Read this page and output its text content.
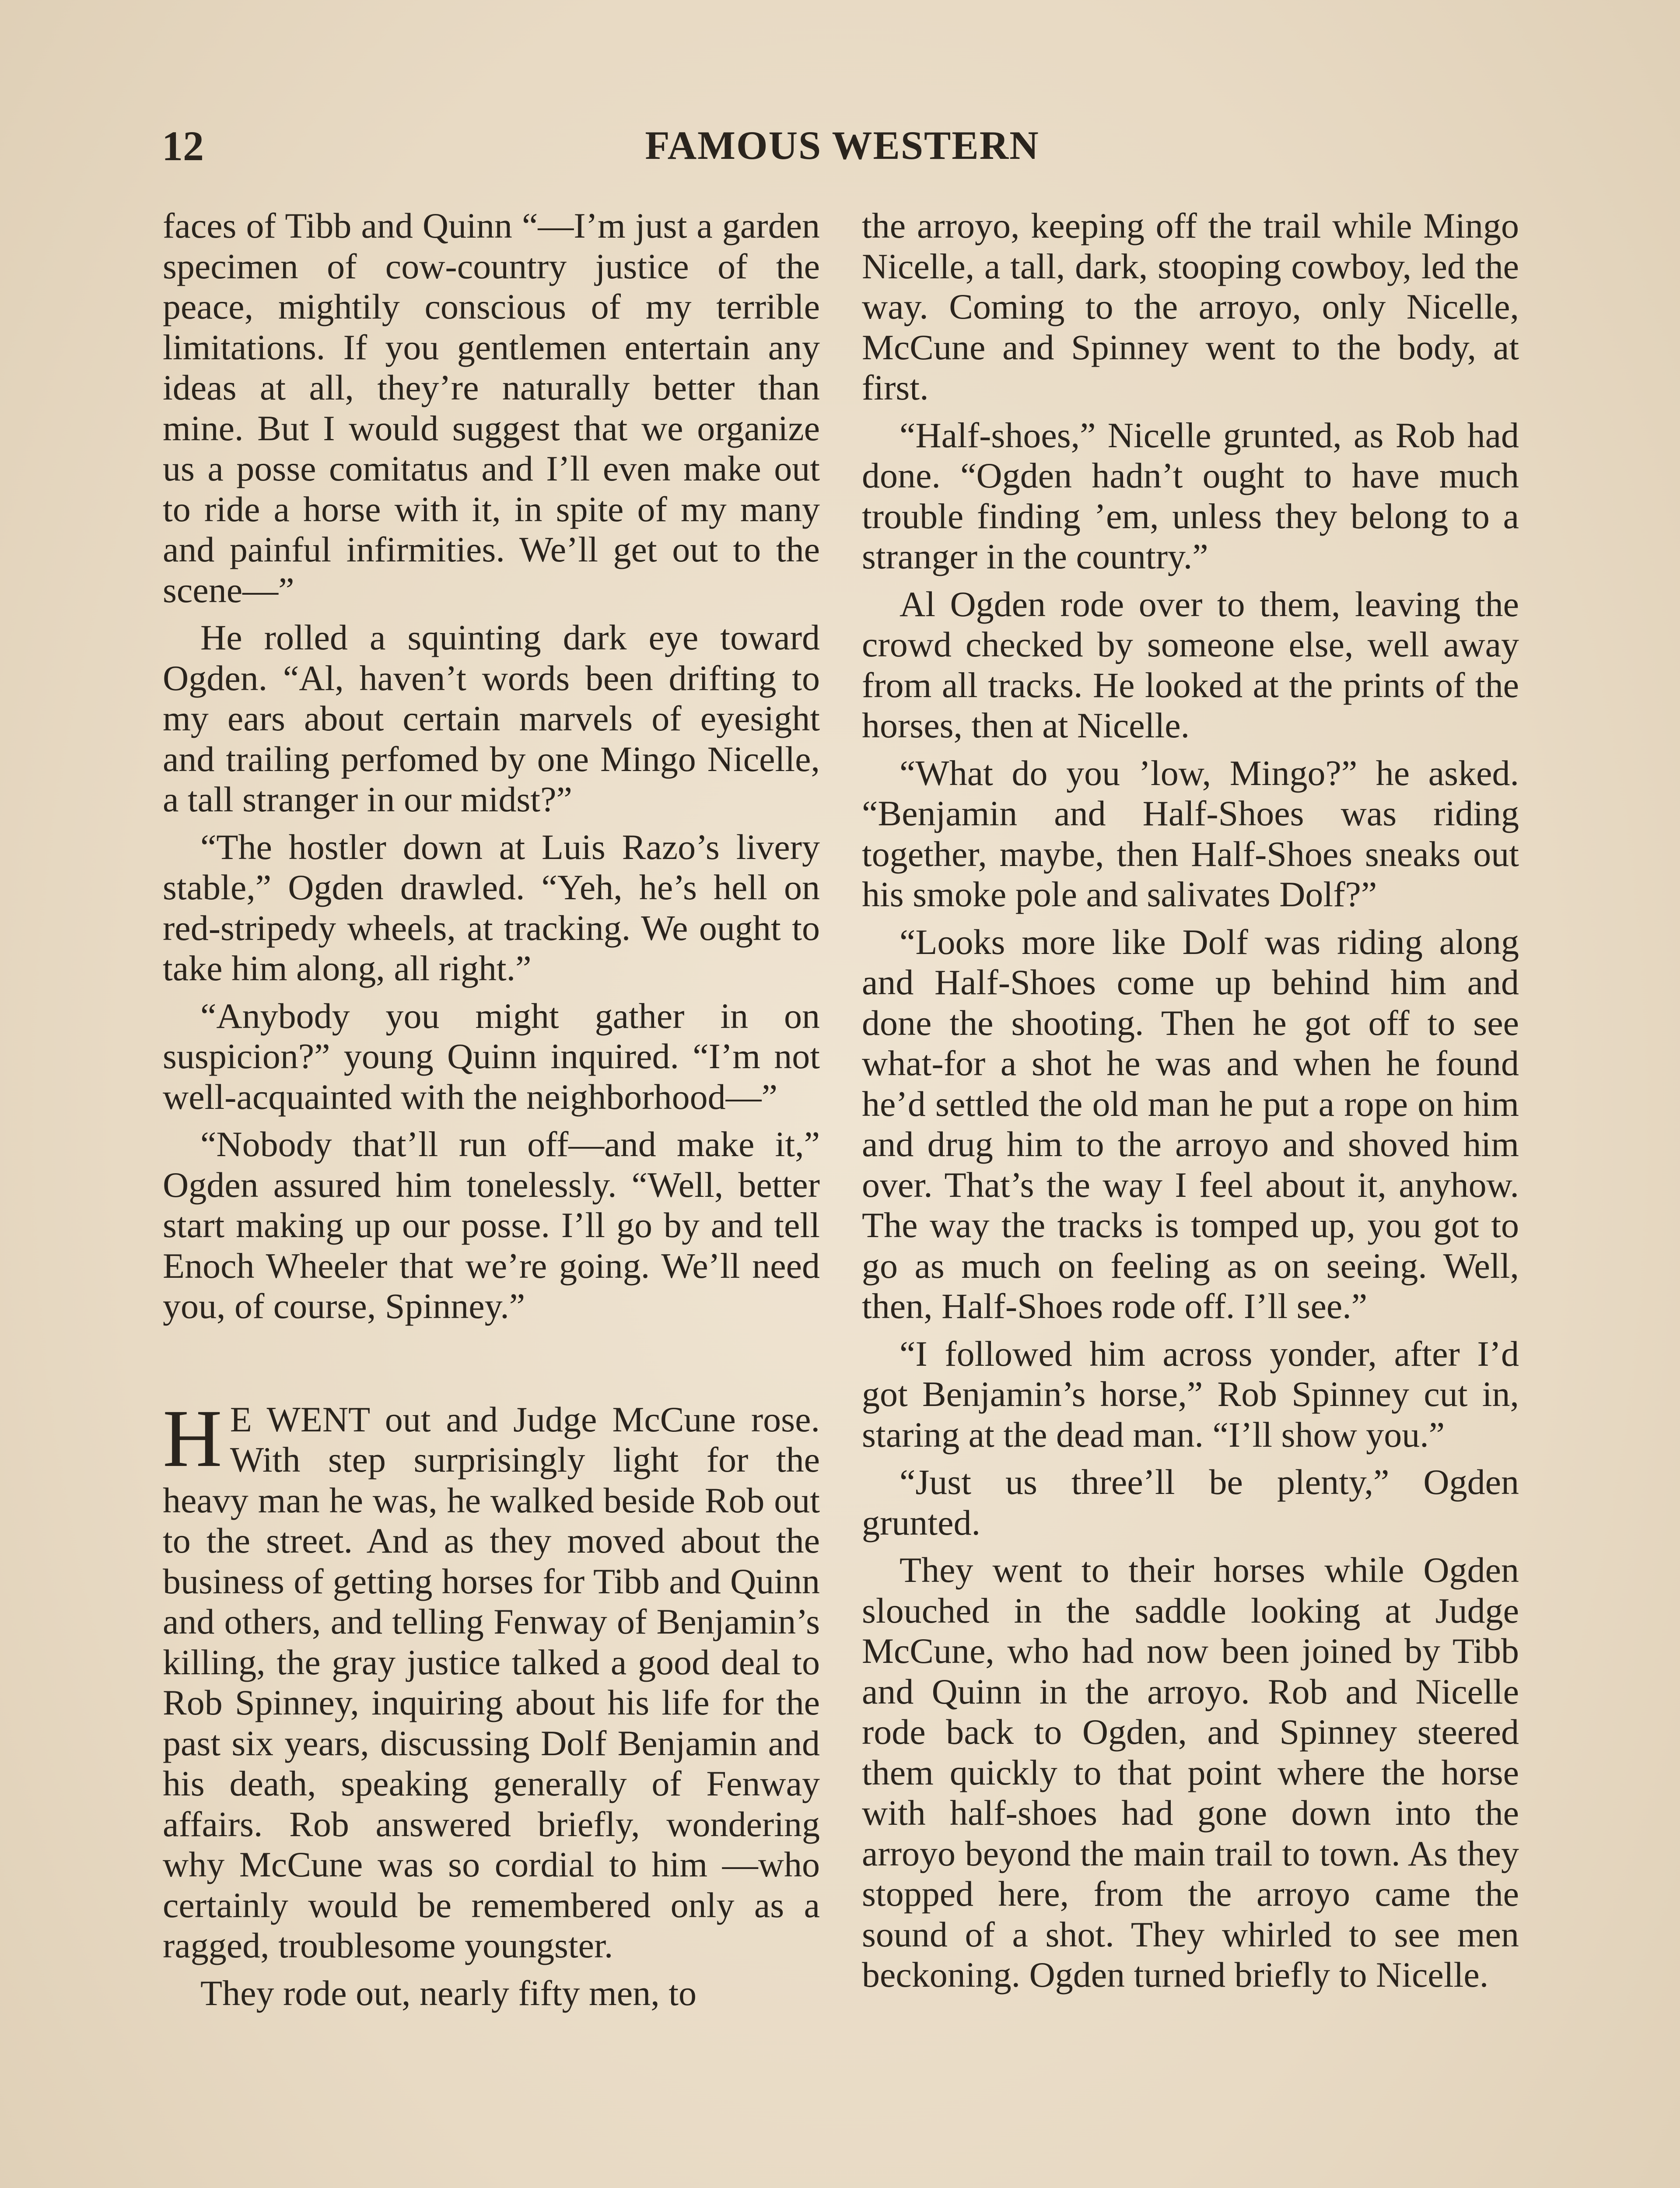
12	FAMOUS WESTERN

faces of Tibb and Quinn “—I’m just a garden specimen of cow-country justice of the peace, mightily conscious of my terrible limitations. If you gentlemen entertain any ideas at all, they’re naturally better than mine. But I would suggest that we organize us a posse comitatus and I’ll even make out to ride a horse with it, in spite of my many and painful infirmities. We’ll get out to the scene—”

He rolled a squinting dark eye toward Ogden. “Al, haven’t words been drifting to my ears about certain marvels of eyesight and trailing perfomed by one Mingo Nicelle, a tall stranger in our midst?”

“The hostler down at Luis Razo’s livery stable,” Ogden drawled. “Yeh, he’s hell on red-stripedy wheels, at tracking. We ought to take him along, all right.”

“Anybody you might gather in on suspicion?” young Quinn inquired. “I’m not well-acquainted with the neighborhood—”

“Nobody that’ll run off—and make it,” Ogden assured him tonelessly. “Well, better start making up our posse. I’ll go by and tell Enoch Wheeler that we’re going. We’ll need you, of course, Spinney.”

H E WENT out and Judge McCune rose. With step surprisingly light for the heavy man he was, he walked beside Rob out to the street. And as they moved about the business of getting horses for Tibb and Quinn and others, and telling Fenway of Benjamin’s killing, the gray justice talked a good deal to Rob Spinney, inquiring about his life for the past six years, discussing Dolf Benjamin and his death, speaking generally of Fenway affairs. Rob answered briefly, wondering why McCune was so cordial to him —who certainly would be remembered only as a ragged, troublesome youngster.

They rode out, nearly fifty men, to

the arroyo, keeping off the trail while Mingo Nicelle, a tall, dark, stooping cowboy, led the way. Coming to the arroyo, only Nicelle, McCune and Spinney went to the body, at first.

“Half-shoes,” Nicelle grunted, as Rob had done. “Ogden hadn’t ought to have much trouble finding ’em, unless they belong to a stranger in the country.”

Al Ogden rode over to them, leaving the crowd checked by someone else, well away from all tracks. He looked at the prints of the horses, then at Nicelle.

“What do you ’low, Mingo?” he asked. “Benjamin and Half-Shoes was riding together, maybe, then Half-Shoes sneaks out his smoke pole and salivates Dolf?”

“Looks more like Dolf was riding along and Half-Shoes come up behind him and done the shooting. Then he got off to see what-for a shot he was and when he found he’d settled the old man he put a rope on him and drug him to the arroyo and shoved him over. That’s the way I feel about it, anyhow. The way the tracks is tomped up, you got to go as much on feeling as on seeing. Well, then, Half-Shoes rode off. I’ll see.”

“I followed him across yonder, after I’d got Benjamin’s horse,” Rob Spinney cut in, staring at the dead man. “I’ll show you.”

“Just us three’ll be plenty,” Ogden grunted.

They went to their horses while Ogden slouched in the saddle looking at Judge McCune, who had now been joined by Tibb and Quinn in the arroyo. Rob and Nicelle rode back to Ogden, and Spinney steered them quickly to that point where the horse with half-shoes had gone down into the arroyo beyond the main trail to town. As they stopped here, from the arroyo came the sound of a shot. They whirled to see men beckoning. Ogden turned briefly to Nicelle.
